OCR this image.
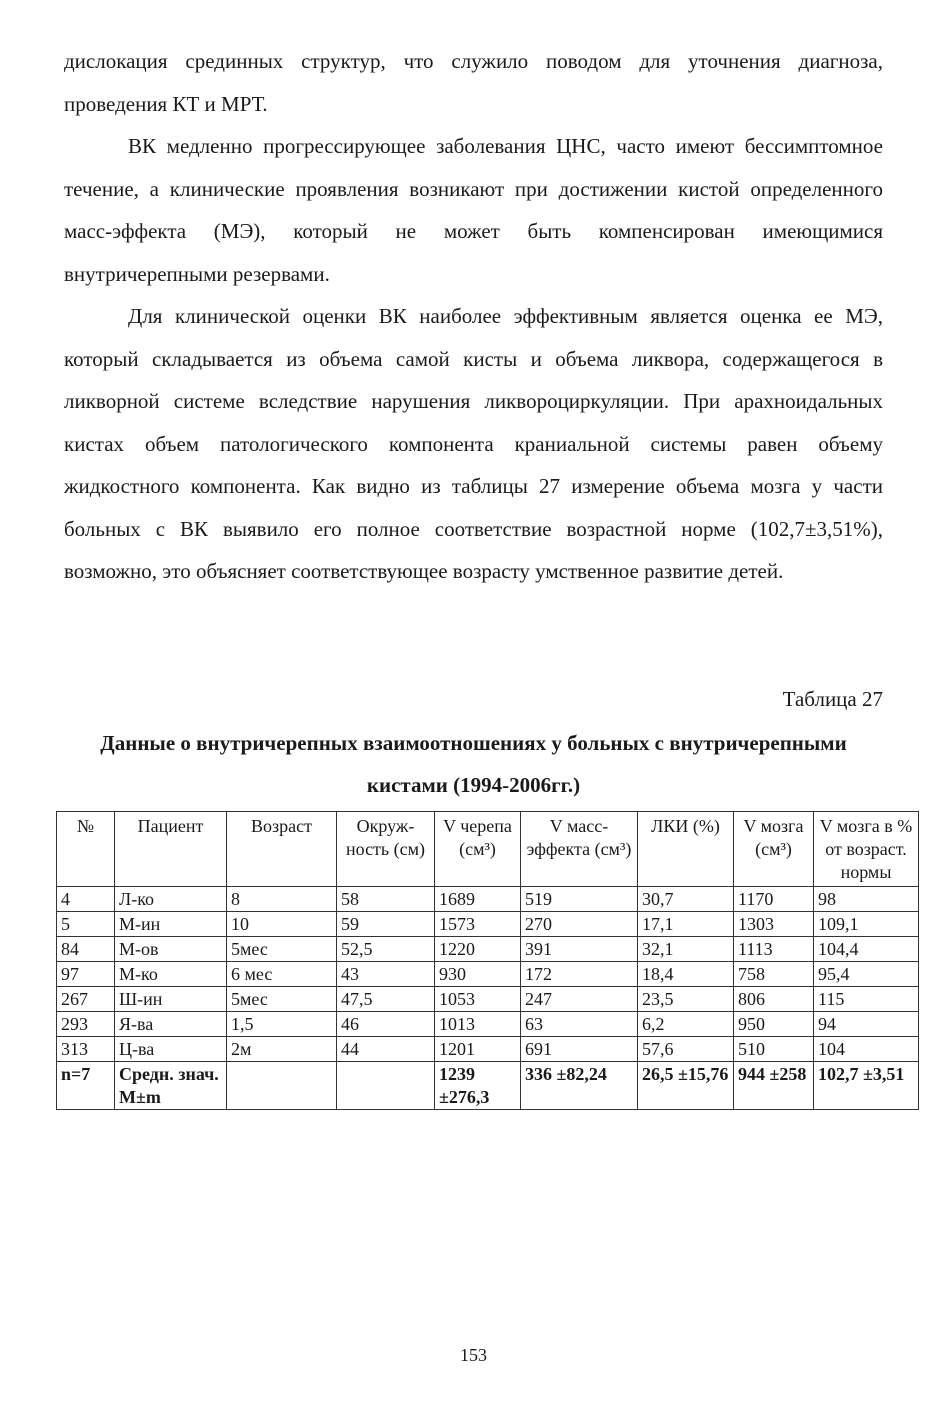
дислокация срединных структур, что служило поводом для уточнения диагноза, проведения КТ и МРТ.

ВК медленно прогрессирующее заболевания ЦНС, часто имеют бессимптомное течение, а клинические проявления возникают при достижении кистой определенного масс-эффекта (МЭ), который не может быть компенсирован имеющимися внутричерепными резервами.

Для клинической оценки ВК наиболее эффективным является оценка ее МЭ, который складывается из объема самой кисты и объема ликвора, содержащегося в ликворной системе вследствие нарушения ликвороциркуляции. При арахноидальных кистах объем патологического компонента краниальной системы равен объему жидкостного компонента. Как видно из таблицы 27 измерение объема мозга у части больных с ВК выявило его полное соответствие возрастной норме (102,7±3,51%), возможно, это объясняет соответствующее возрасту умственное развитие детей.

Таблица 27

Данные о внутричерепных взаимоотношениях у больных с внутричерепными кистами (1994-2006гг.)

№	Пациент	Возраст	Окруж-ность (см)	V черепа (см³)	V масс-эффекта (см³)	ЛКИ (%)	V мозга (см³)	V мозга в % от возраст. нормы
4	Л-ко	8	58	1689	519	30,7	1170	98
5	М-ин	10	59	1573	270	17,1	1303	109,1
84	М-ов	5мес	52,5	1220	391	32,1	1113	104,4
97	М-ко	6 мес	43	930	172	18,4	758	95,4
267	Ш-ин	5мес	47,5	1053	247	23,5	806	115
293	Я-ва	1,5	46	1013	63	6,2	950	94
313	Ц-ва	2м	44	1201	691	57,6	510	104
n=7	Средн. знач. М±m			1239 ±276,3	336 ±82,24	26,5 ±15,76	944 ±258	102,7 ±3,51

153
